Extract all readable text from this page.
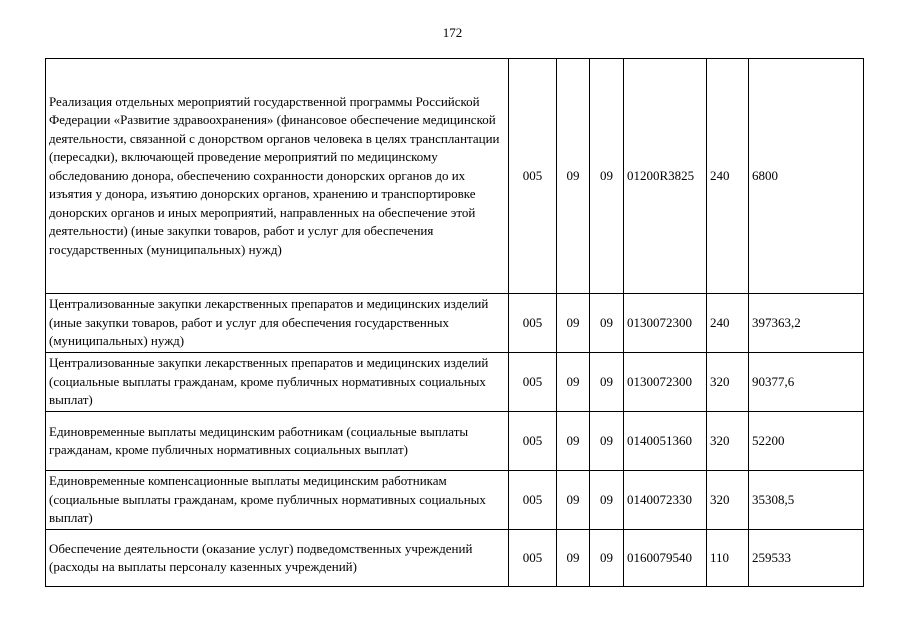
172
Реализация отдельных мероприятий государственной программы Российской Федерации «Развитие здравоохранения» (финансовое обеспечение медицинской деятельности, связанной с донорством органов человека в целях трансплантации (пересадки), включающей проведение мероприятий по медицинскому обследованию донора, обеспечению сохранности донорских органов до их изъятия у донора, изъятию донорских органов, хранению и транспортировке донорских органов и иных мероприятий, направленных на обеспечение этой деятельности) (иные закупки товаров, работ и услуг для обеспечения государственных (муниципальных) нужд)	005	09	09	01200R3825	240	6800
Централизованные закупки лекарственных препаратов и медицинских изделий (иные закупки товаров, работ и услуг для обеспечения государственных (муниципальных) нужд)	005	09	09	0130072300	240	397363,2
Централизованные закупки лекарственных препаратов и медицинских изделий (социальные выплаты гражданам, кроме публичных нормативных социальных выплат)	005	09	09	0130072300	320	90377,6
Единовременные выплаты медицинским работникам (социальные выплаты гражданам, кроме публичных нормативных социальных выплат)	005	09	09	0140051360	320	52200
Единовременные компенсационные выплаты медицинским работникам (социальные выплаты гражданам, кроме публичных нормативных социальных выплат)	005	09	09	0140072330	320	35308,5
Обеспечение деятельности (оказание услуг) подведомственных учреждений (расходы на выплаты персоналу казенных учреждений)	005	09	09	0160079540	110	259533
